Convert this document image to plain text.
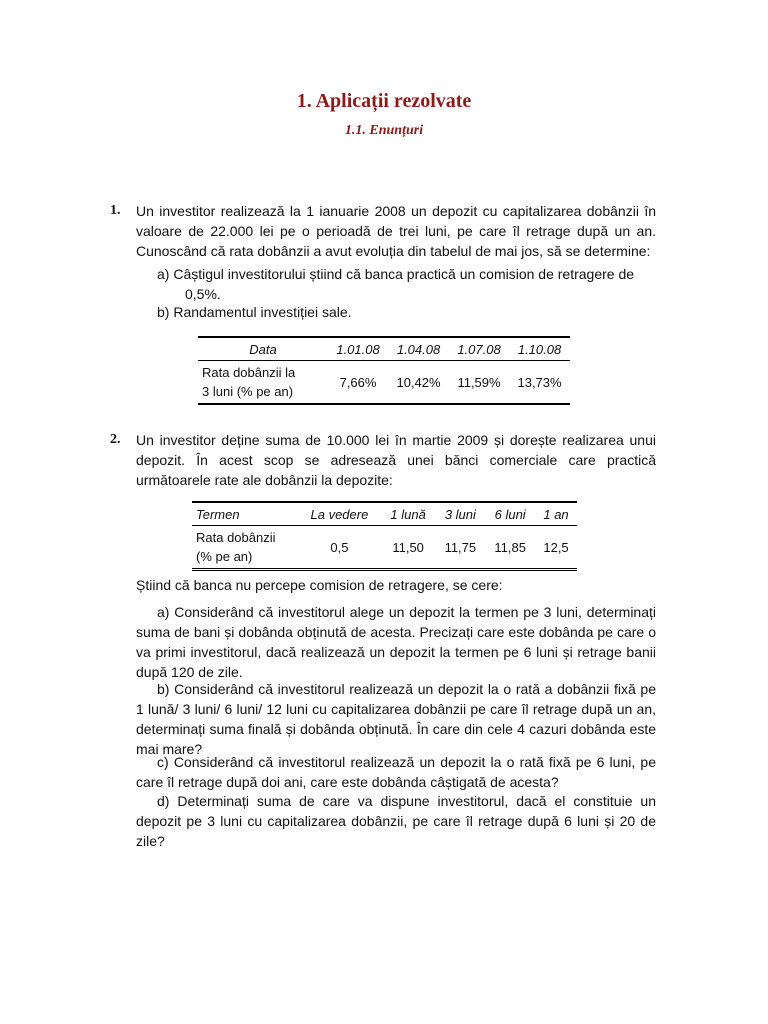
1. Aplicații rezolvate
1.1. Enunțuri
1. Un investitor realizează la 1 ianuarie 2008 un depozit cu capitalizarea dobânzii în valoare de 22.000 lei pe o perioadă de trei luni, pe care îl retrage după un an. Cunoscând că rata dobânzii a avut evoluția din tabelul de mai jos, să se determine:
a) Câștigul investitorului știind că banca practică un comision de retragere de
0,5%.
b) Randamentul investiției sale.
Data	1.01.08	1.04.08	1.07.08	1.10.08

Rata dobânzii la
3 luni (% pe an)	7,66%	10,42%	11,59%	13,73%
2. Un investitor deține suma de 10.000 lei în martie 2009 și dorește realizarea unui depozit. În acest scop se adresează unei bănci comerciale care practică următoarele rate ale dobânzii la depozite:
Termen	La vedere	1 lună	3 luni	6 luni	1 an

Rata dobânzii
(% pe an)	0,5	11,50	11,75	11,85	12,5
Știind că banca nu percepe comision de retragere, se cere:
a) Considerând că investitorul alege un depozit la termen pe 3 luni, determinați suma de bani și dobânda obținută de acesta. Precizați care este dobânda pe care o va primi investitorul, dacă realizează un depozit la termen pe 6 luni și retrage banii după 120 de zile.
b) Considerând că investitorul realizează un depozit la o rată a dobânzii fixă pe 1 lună/ 3 luni/ 6 luni/ 12 luni cu capitalizarea dobânzii pe care îl retrage după un an, determinați suma finală și dobânda obținută. În care din cele 4 cazuri dobânda este mai mare?
c) Considerând că investitorul realizează un depozit la o rată fixă pe 6 luni, pe care îl retrage după doi ani, care este dobânda câștigată de acesta?
d) Determinați suma de care va dispune investitorul, dacă el constituie un depozit pe 3 luni cu capitalizarea dobânzii, pe care îl retrage după 6 luni și 20 de zile?
